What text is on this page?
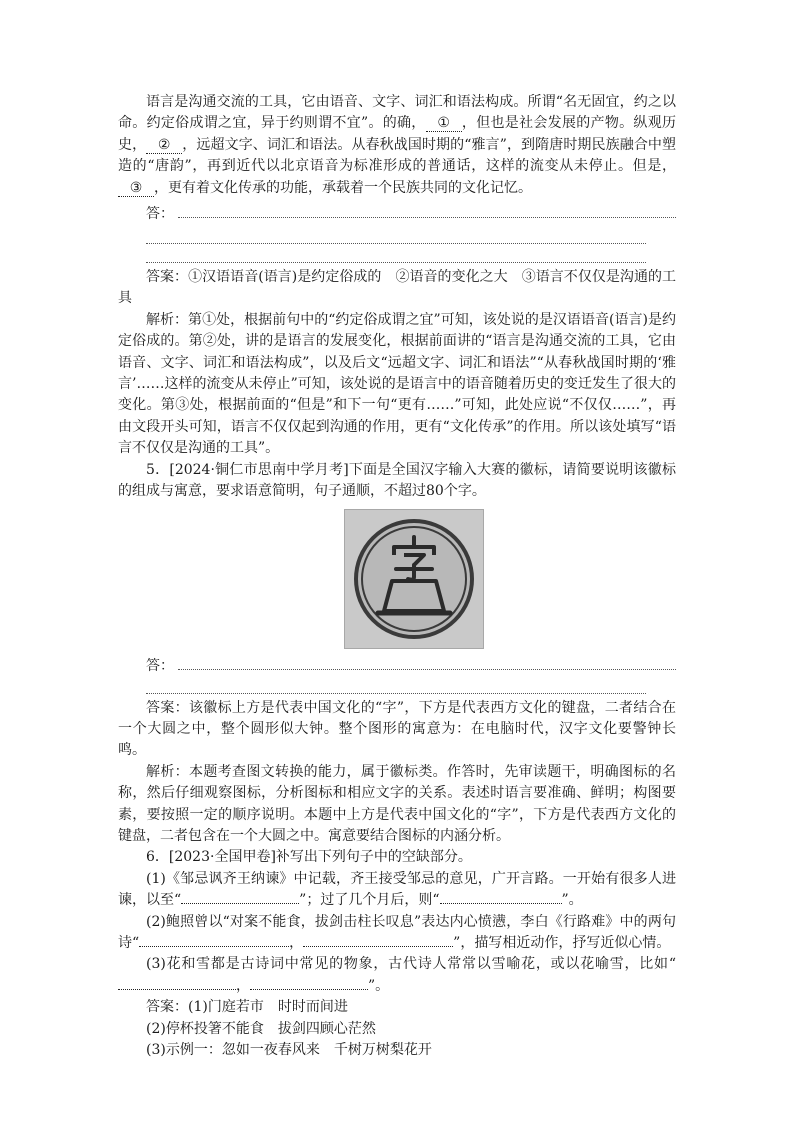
语言是沟通交流的工具，它由语音、文字、词汇和语法构成。所谓“名无固宜，约之以命。约定俗成谓之宜，异于约则谓不宜”。的确， ① ，但也是社会发展的产物。纵观历史， ② ，远超文字、词汇和语法。从春秋战国时期的“雅言”，到隋唐时期民族融合中塑造的“唐韵”，再到近代以北京语音为标准形成的普通话，这样的流变从未停止。但是，③ ，更有着文化传承的功能，承载着一个民族共同的文化记忆。

答：

答案：①汉语语音(语言)是约定俗成的　②语音的变化之大　③语言不仅仅是沟通的工具

解析：第①处，根据前句中的“约定俗成谓之宜”可知，该处说的是汉语语音(语言)是约定俗成的。第②处，讲的是语言的发展变化，根据前面讲的“语言是沟通交流的工具，它由语音、文字、词汇和语法构成”，以及后文“远超文字、词汇和语法”“从春秋战国时期的‘雅言’……这样的流变从未停止”可知，该处说的是语言中的语音随着历史的变迁发生了很大的变化。第③处，根据前面的“但是”和下一句“更有……”可知，此处应说“不仅仅……”，再由文段开头可知，语言不仅仅起到沟通的作用，更有“文化传承”的作用。所以该处填写“语言不仅仅是沟通的工具”。

5．[2024·铜仁市思南中学月考]下面是全国汉字输入大赛的徽标，请简要说明该徽标的组成与寓意，要求语意简明，句子通顺，不超过80个字。

答：

答案：该徽标上方是代表中国文化的“字”，下方是代表西方文化的键盘，二者结合在一个大圆之中，整个圆形似大钟。整个图形的寓意为：在电脑时代，汉字文化要警钟长鸣。

解析：本题考查图文转换的能力，属于徽标类。作答时，先审读题干，明确图标的名称，然后仔细观察图标，分析图标和相应文字的关系。表述时语言要准确、鲜明；构图要素，要按照一定的顺序说明。本题中上方是代表中国文化的“字”，下方是代表西方文化的键盘，二者包含在一个大圆之中。寓意要结合图标的内涵分析。

6．[2023·全国甲卷]补写出下列句子中的空缺部分。

(1)《邹忌讽齐王纳谏》中记载，齐王接受邹忌的意见，广开言路。一开始有很多人进谏，以至“	”；过了几个月后，则“	”。

(2)鲍照曾以“对案不能食，拔剑击柱长叹息”表达内心愤懑，李白《行路难》中的两句诗“	，	”，描写相近动作，抒写近似心情。

(3)花和雪都是古诗词中常见的物象，古代诗人常常以雪喻花，或以花喻雪，比如“，	”。

答案：(1)门庭若市　时时而间进

(2)停杯投箸不能食　拔剑四顾心茫然

(3)示例一：忽如一夜春风来　千树万树梨花开
